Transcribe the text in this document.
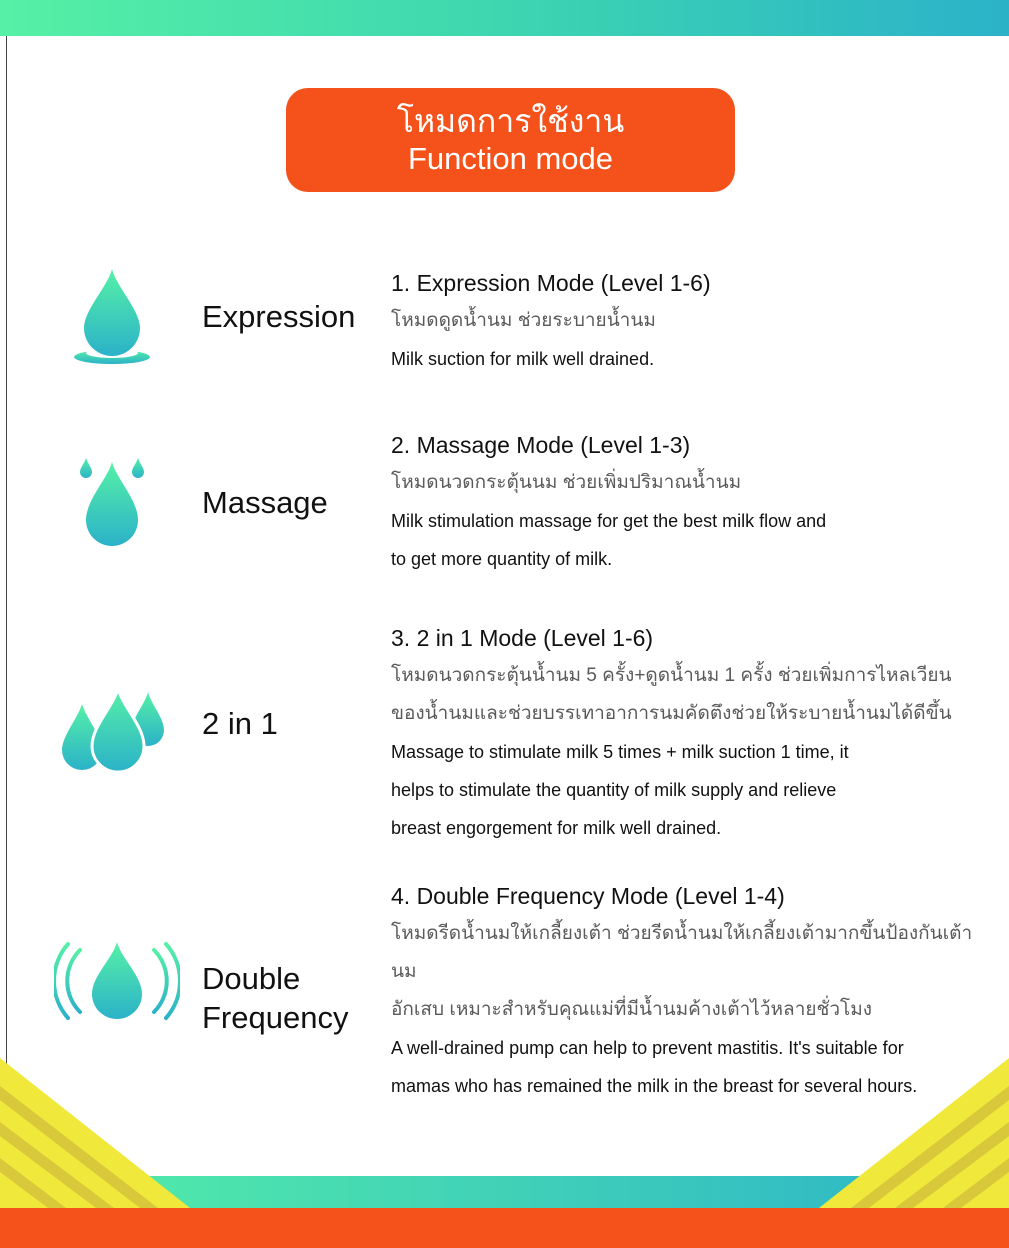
โหมดการใช้งาน
Function mode
Expression
1. Expression Mode (Level 1-6)
โหมดดูดน้ำนม ช่วยระบายน้ำนม
Milk suction for milk well drained.
Massage
2. Massage Mode (Level 1-3)
โหมดนวดกระตุ้นนม ช่วยเพิ่มปริมาณน้ำนม
Milk stimulation massage for get the best milk flow and
to get more quantity of milk.
2 in 1
3. 2 in 1 Mode (Level 1-6)
โหมดนวดกระตุ้นน้ำนม 5 ครั้ง+ดูดน้ำนม 1 ครั้ง ช่วยเพิ่มการไหลเวียน
ของน้ำนมและช่วยบรรเทาอาการนมคัดตึงช่วยให้ระบายน้ำนมได้ดีขึ้น
Massage to stimulate milk 5 times + milk suction 1 time, it
helps to stimulate the quantity of milk supply and relieve
breast engorgement for milk well drained.
Double
Frequency
4. Double Frequency Mode (Level 1-4)
โหมดรีดน้ำนมให้เกลี้ยงเต้า ช่วยรีดน้ำนมให้เกลี้ยงเต้ามากขึ้นป้องกันเต้านม
อักเสบ เหมาะสำหรับคุณแม่ที่มีน้ำนมค้างเต้าไว้หลายชั่วโมง
A well-drained pump can help to prevent mastitis. It's suitable for
mamas who has remained the milk in the breast for several hours.
